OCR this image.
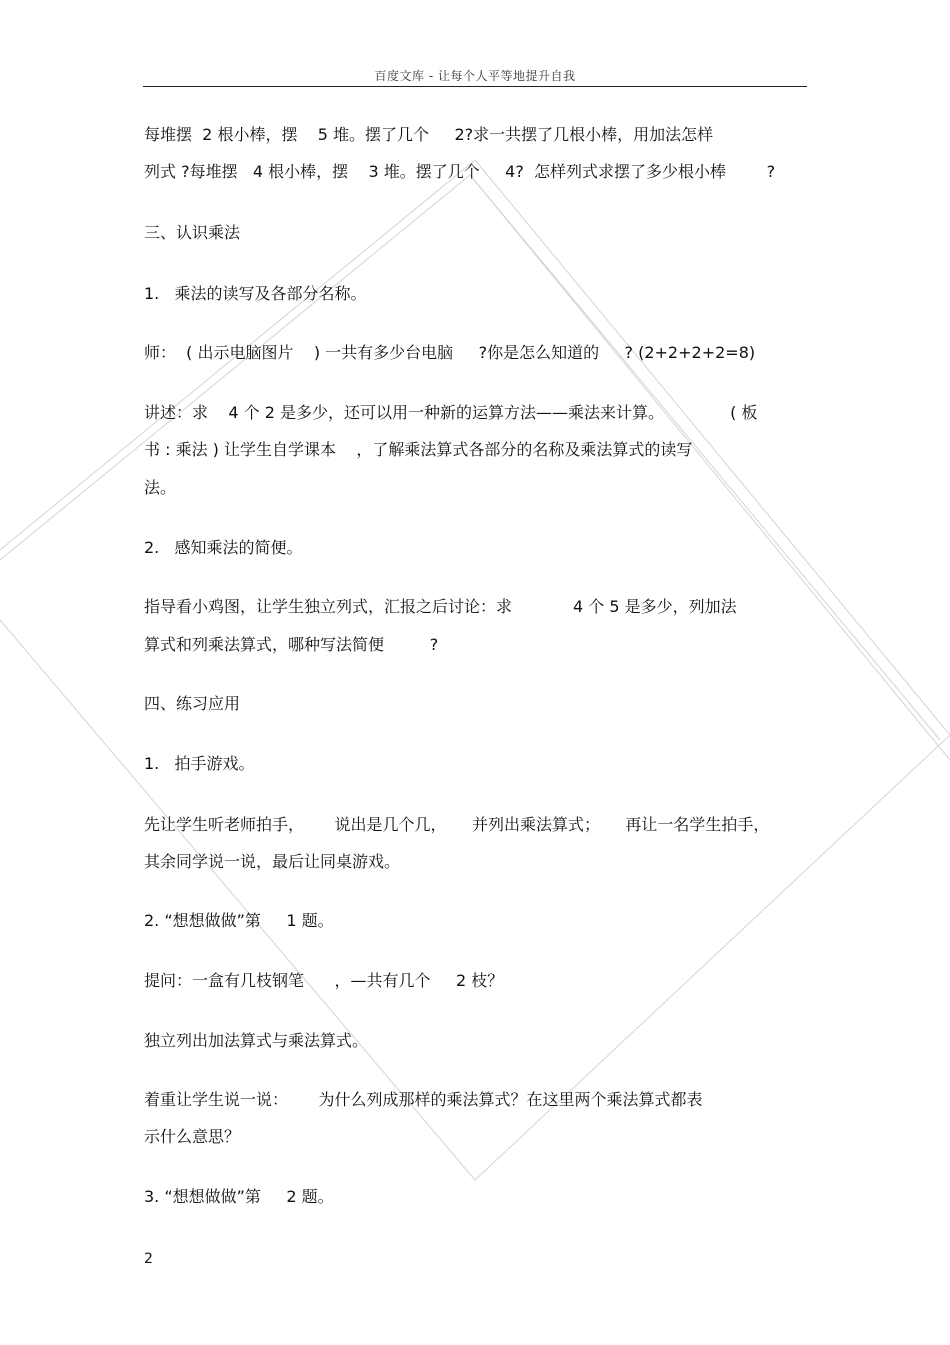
百度文库 - 让每个人平等地提升自我
每堆摆  2 根小棒，摆    5 堆。摆了几个     2?求一共摆了几根小棒，用加法怎样
列式 ?每堆摆   4 根小棒，摆    3 堆。摆了几个     4?  怎样列式求摆了多少根小棒        ?
三、认识乘法
1.   乘法的读写及各部分名称。
师：  ( 出示电脑图片    ) 一共有多少台电脑     ?你是怎么知道的     ? (2+2+2+2=8)
讲述：求    4 个 2 是多少，还可以用一种新的运算方法——乘法来计算。             ( 板
书 : 乘法 ) 让学生自学课本    ，了解乘法算式各部分的名称及乘法算式的读写
法。
2.   感知乘法的简便。
指导看小鸡图，让学生独立列式，汇报之后讨论：求            4 个 5 是多少，列加法
算式和列乘法算式，哪种写法简便         ?
四、练习应用
1.   拍手游戏。
先让学生听老师拍手，      说出是几个几，     并列出乘法算式；     再让一名学生拍手，
其余同学说一说，最后让同桌游戏。
2. “想想做做”第     1 题。
提问：一盒有几枝钢笔      ，—共有几个     2 枝？
独立列出加法算式与乘法算式。
着重让学生说一说：      为什么列成那样的乘法算式？在这里两个乘法算式都表
示什么意思？
3. “想想做做”第     2 题。
2
